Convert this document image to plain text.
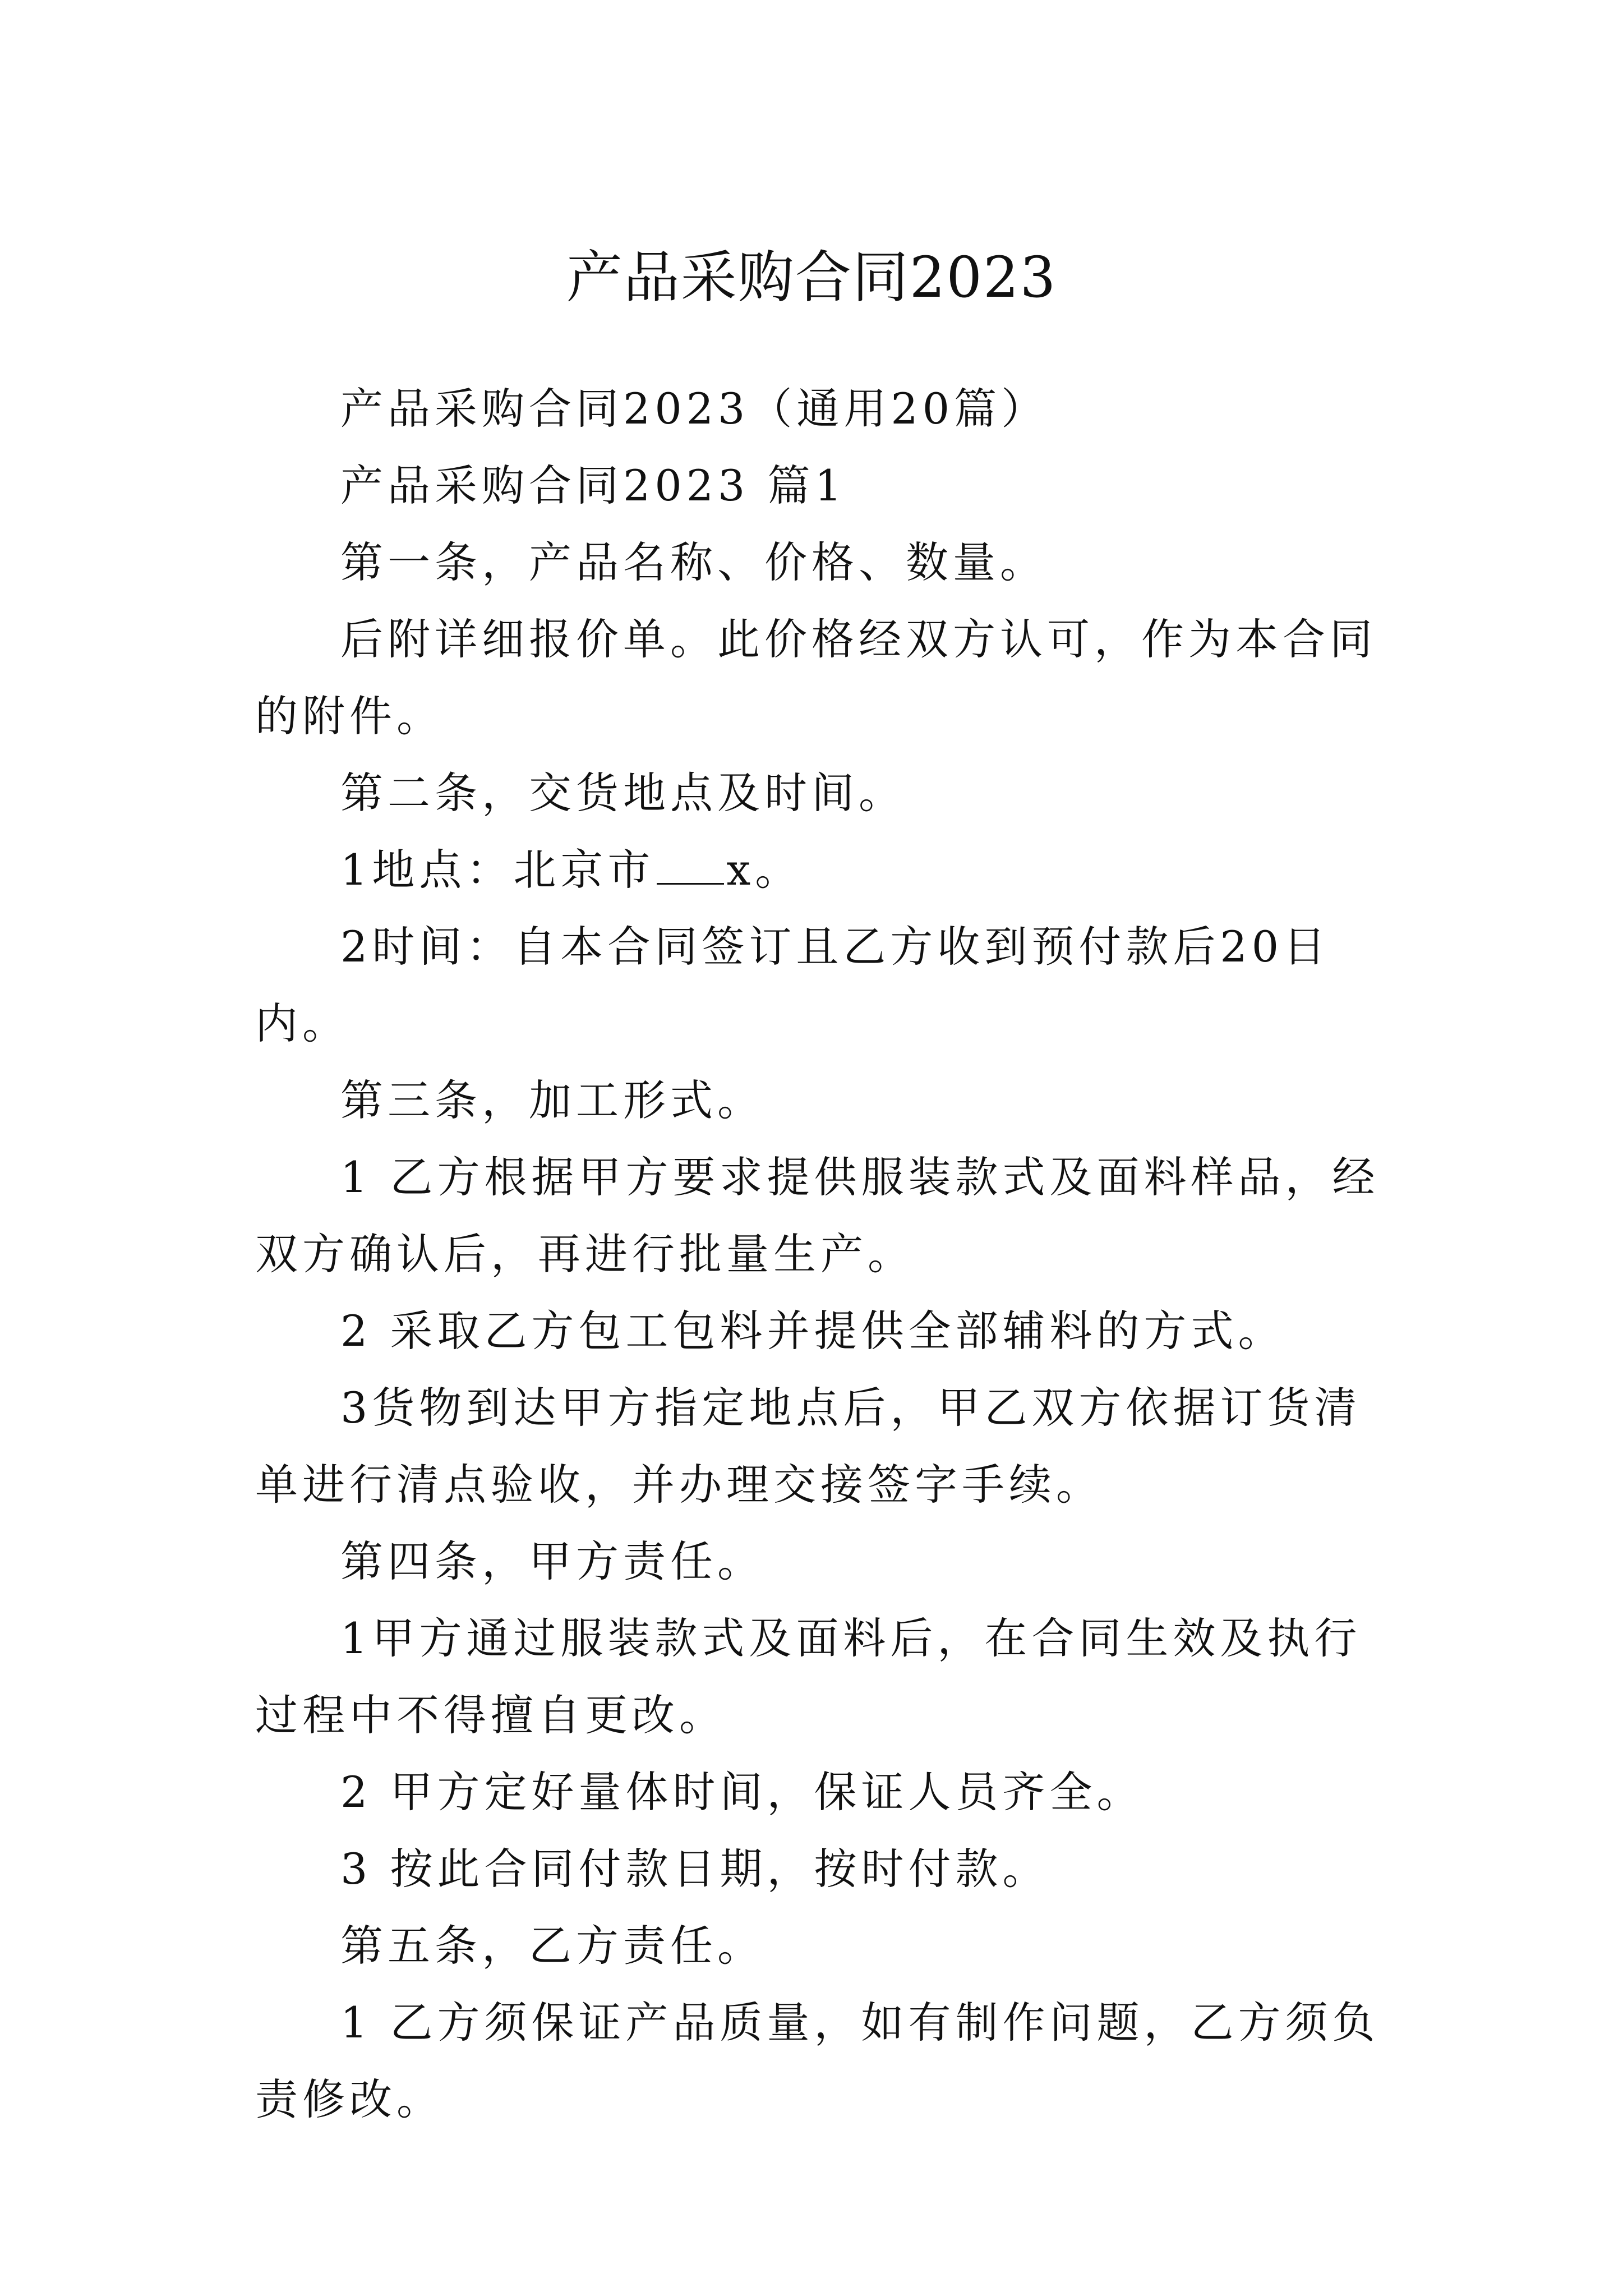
产品采购合同2023

产品采购合同2023（通用20篇）

产品采购合同2023 篇1

第一条，产品名称、价格、数量。

后附详细报价单。此价格经双方认可，作为本合同的附件。

第二条，交货地点及时间。

1地点：北京市 x。

2时间：自本合同签订且乙方收到预付款后20日内。

第三条，加工形式。

1 乙方根据甲方要求提供服装款式及面料样品，经双方确认后，再进行批量生产。

2 采取乙方包工包料并提供全部辅料的方式。

3货物到达甲方指定地点后，甲乙双方依据订货清单进行清点验收，并办理交接签字手续。

第四条，甲方责任。

1甲方通过服装款式及面料后，在合同生效及执行过程中不得擅自更改。

2 甲方定好量体时间，保证人员齐全。

3 按此合同付款日期，按时付款。

第五条，乙方责任。

1 乙方须保证产品质量，如有制作问题，乙方须负责修改。
